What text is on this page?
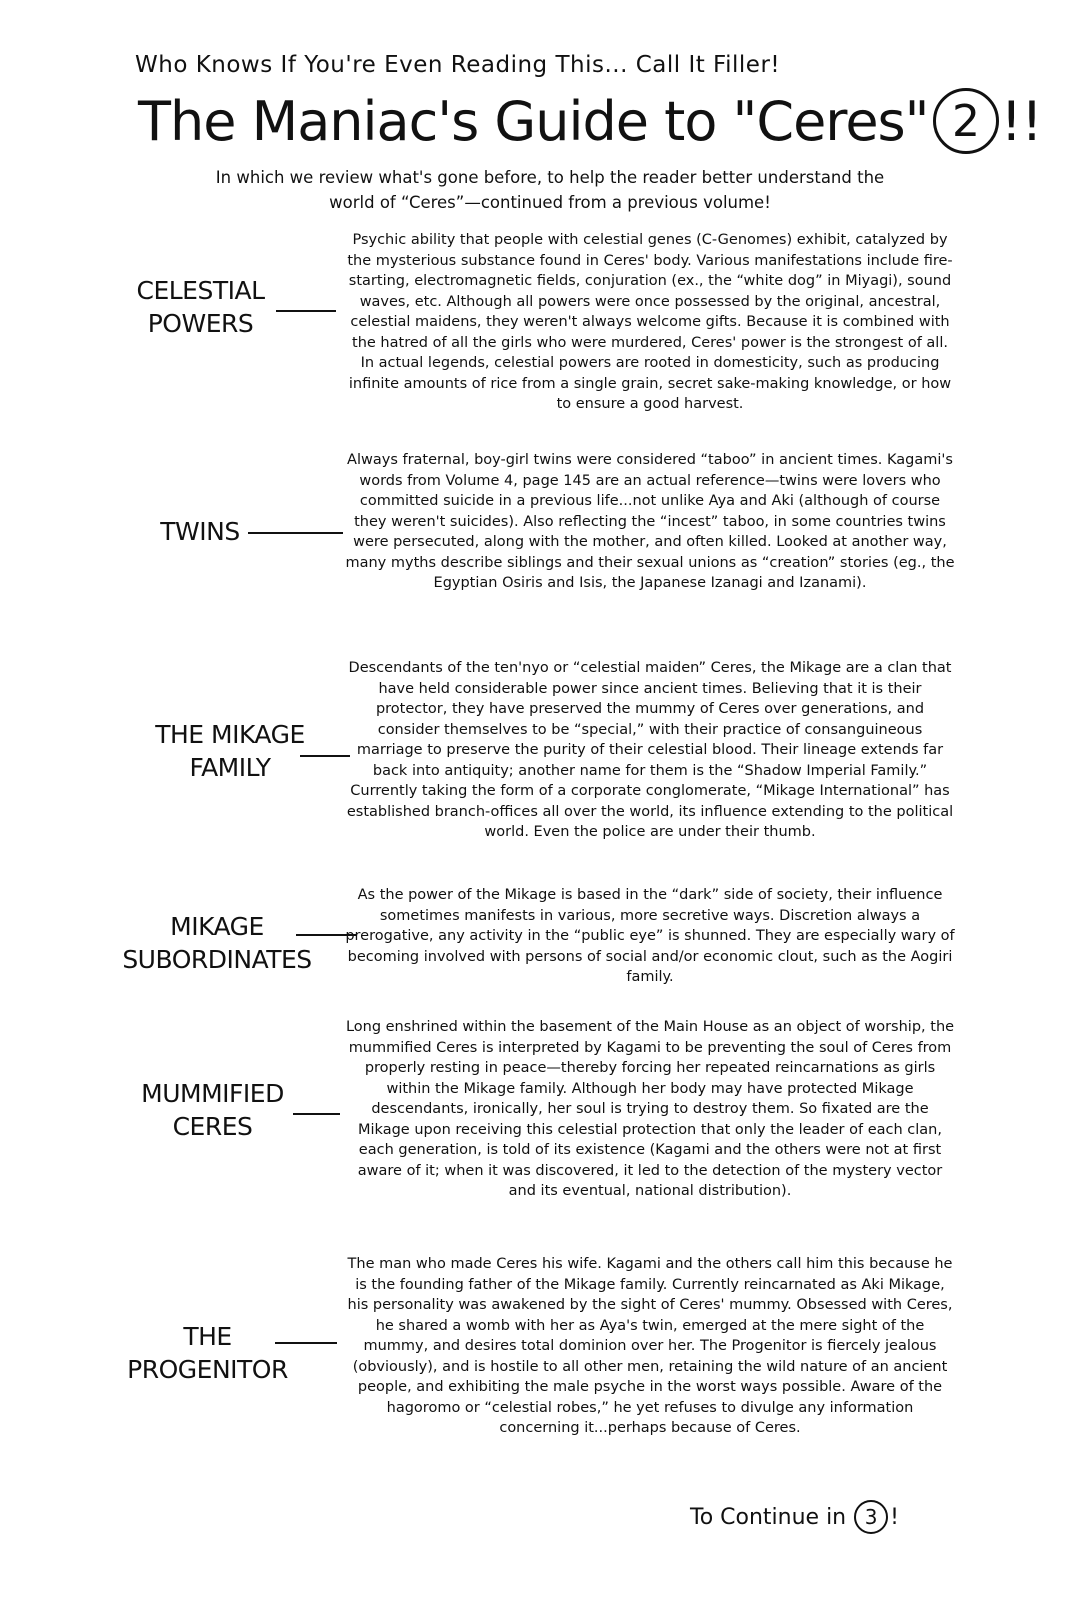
Who Knows If You're Even Reading This... Call It Filler!
The Maniac's Guide to "Ceres" 2 !!
In which we review what's gone before, to help the reader better understand the world of “Ceres”—continued from a previous volume!
CELESTIAL
POWERS
Psychic ability that people with celestial genes (C-Genomes) exhibit, catalyzed by the mysterious substance found in Ceres' body. Various manifestations include fire-starting, electromagnetic fields, conjuration (ex., the “white dog” in Miyagi), sound waves, etc. Although all powers were once possessed by the original, ancestral, celestial maidens, they weren't always welcome gifts. Because it is combined with the hatred of all the girls who were murdered, Ceres' power is the strongest of all. In actual legends, celestial powers are rooted in domesticity, such as producing infinite amounts of rice from a single grain, secret sake-making knowledge, or how to ensure a good harvest.
TWINS
Always fraternal, boy-girl twins were considered “taboo” in ancient times. Kagami's words from Volume 4, page 145 are an actual reference—twins were lovers who committed suicide in a previous life...not unlike Aya and Aki (although of course they weren't suicides). Also reflecting the “incest” taboo, in some countries twins were persecuted, along with the mother, and often killed. Looked at another way, many myths describe siblings and their sexual unions as “creation” stories (eg., the Egyptian Osiris and Isis, the Japanese Izanagi and Izanami).
THE MIKAGE
FAMILY
Descendants of the ten'nyo or “celestial maiden” Ceres, the Mikage are a clan that have held considerable power since ancient times. Believing that it is their protector, they have preserved the mummy of Ceres over generations, and consider themselves to be “special,” with their practice of consanguineous marriage to preserve the purity of their celestial blood. Their lineage extends far back into antiquity; another name for them is the “Shadow Imperial Family.” Currently taking the form of a corporate conglomerate, “Mikage International” has established branch-offices all over the world, its influence extending to the political world. Even the police are under their thumb.
MIKAGE
SUBORDINATES
As the power of the Mikage is based in the “dark” side of society, their influence sometimes manifests in various, more secretive ways. Discretion always a prerogative, any activity in the “public eye” is shunned. They are especially wary of becoming involved with persons of social and/or economic clout, such as the Aogiri family.
MUMMIFIED
CERES
Long enshrined within the basement of the Main House as an object of worship, the mummified Ceres is interpreted by Kagami to be preventing the soul of Ceres from properly resting in peace—thereby forcing her repeated reincarnations as girls within the Mikage family. Although her body may have protected Mikage descendants, ironically, her soul is trying to destroy them. So fixated are the Mikage upon receiving this celestial protection that only the leader of each clan, each generation, is told of its existence (Kagami and the others were not at first aware of it; when it was discovered, it led to the detection of the mystery vector and its eventual, national distribution).
THE
PROGENITOR
The man who made Ceres his wife. Kagami and the others call him this because he is the founding father of the Mikage family. Currently reincarnated as Aki Mikage, his personality was awakened by the sight of Ceres' mummy. Obsessed with Ceres, he shared a womb with her as Aya's twin, emerged at the mere sight of the mummy, and desires total dominion over her. The Progenitor is fiercely jealous (obviously), and is hostile to all other men, retaining the wild nature of an ancient people, and exhibiting the male psyche in the worst ways possible. Aware of the hagoromo or “celestial robes,” he yet refuses to divulge any information concerning it...perhaps because of Ceres.
To Continue in 3 !
